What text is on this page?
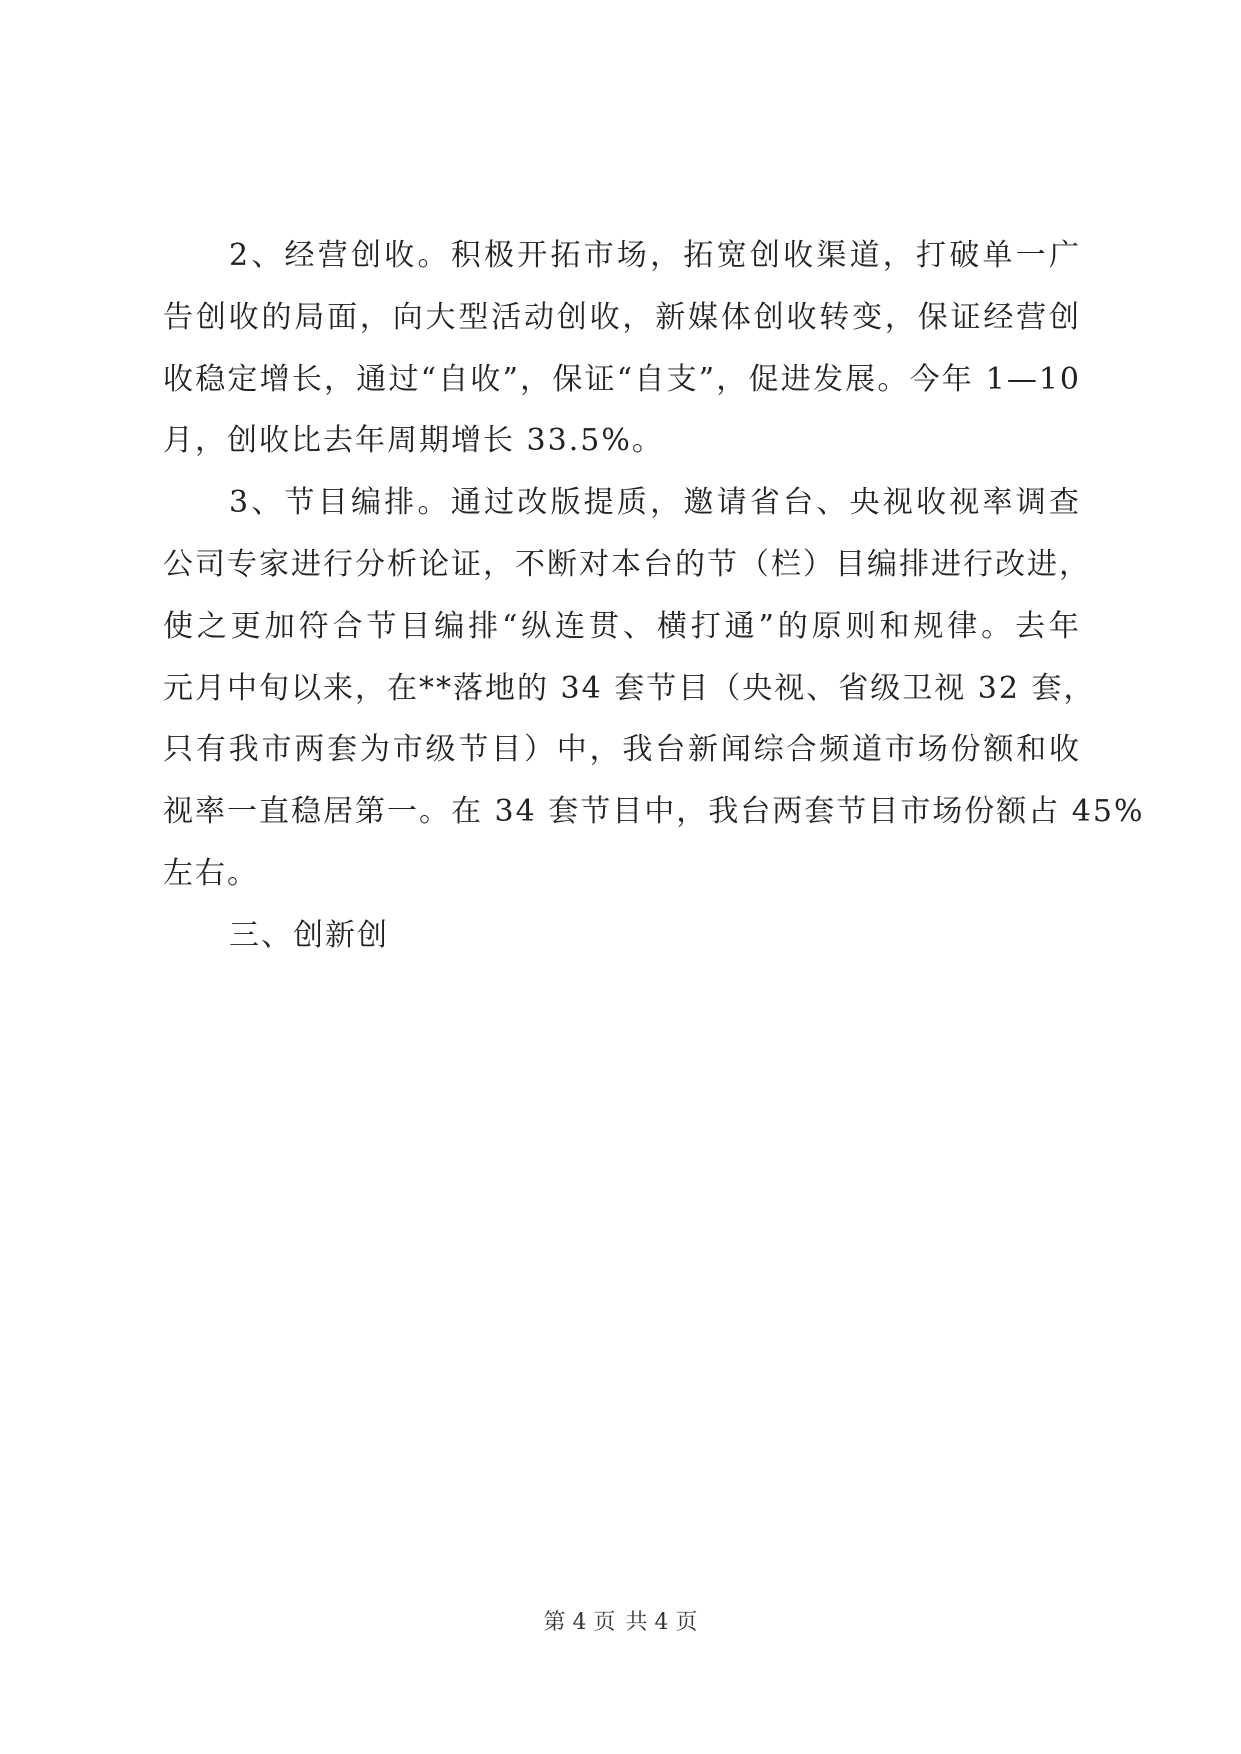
2、经营创收。积极开拓市场，拓宽创收渠道，打破单一广
告创收的局面，向大型活动创收，新媒体创收转变，保证经营创
收稳定增长，通过“自收”，保证“自支”，促进发展。今年 1—10
月，创收比去年周期增长 33.5%。
3、节目编排。通过改版提质，邀请省台、央视收视率调查
公司专家进行分析论证，不断对本台的节（栏）目编排进行改进，
使之更加符合节目编排“纵连贯、横打通”的原则和规律。去年
元月中旬以来，在**落地的 34 套节目（央视、省级卫视 32 套，
只有我市两套为市级节目）中，我台新闻综合频道市场份额和收
视率一直稳居第一。在 34 套节目中，我台两套节目市场份额占 45%
左右。
三、创新创
第 4 页 共 4 页
